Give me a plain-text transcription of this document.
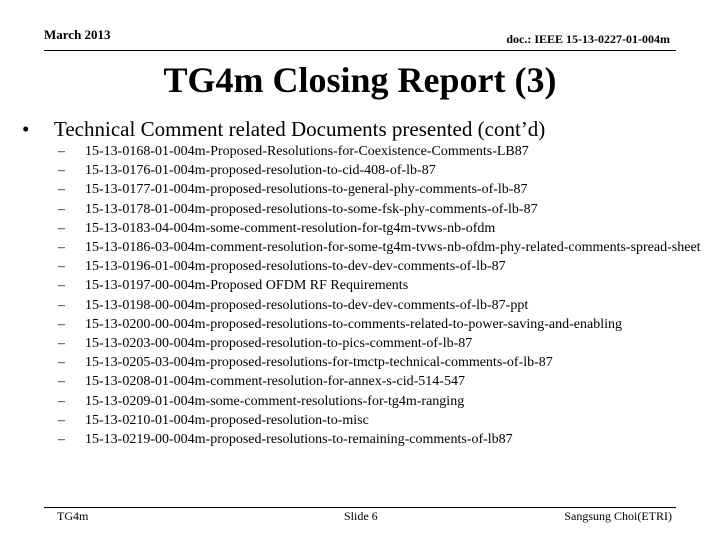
March 2013	doc.: IEEE 15-13-0227-01-004m
TG4m Closing Report (3)
• Technical Comment related Documents presented (cont’d)
– 15-13-0168-01-004m-Proposed-Resolutions-for-Coexistence-Comments-LB87
– 15-13-0176-01-004m-proposed-resolution-to-cid-408-of-lb-87
– 15-13-0177-01-004m-proposed-resolutions-to-general-phy-comments-of-lb-87
– 15-13-0178-01-004m-proposed-resolutions-to-some-fsk-phy-comments-of-lb-87
– 15-13-0183-04-004m-some-comment-resolution-for-tg4m-tvws-nb-ofdm
– 15-13-0186-03-004m-comment-resolution-for-some-tg4m-tvws-nb-ofdm-phy-related-comments-spread-sheet
– 15-13-0196-01-004m-proposed-resolutions-to-dev-dev-comments-of-lb-87
– 15-13-0197-00-004m-Proposed OFDM RF Requirements
– 15-13-0198-00-004m-proposed-resolutions-to-dev-dev-comments-of-lb-87-ppt
– 15-13-0200-00-004m-proposed-resolutions-to-comments-related-to-power-saving-and-enabling
– 15-13-0203-00-004m-proposed-resolution-to-pics-comment-of-lb-87
– 15-13-0205-03-004m-proposed-resolutions-for-tmctp-technical-comments-of-lb-87
– 15-13-0208-01-004m-comment-resolution-for-annex-s-cid-514-547
– 15-13-0209-01-004m-some-comment-resolutions-for-tg4m-ranging
– 15-13-0210-01-004m-proposed-resolution-to-misc
– 15-13-0219-00-004m-proposed-resolutions-to-remaining-comments-of-lb87
TG4m	Slide 6	Sangsung Choi(ETRI)
